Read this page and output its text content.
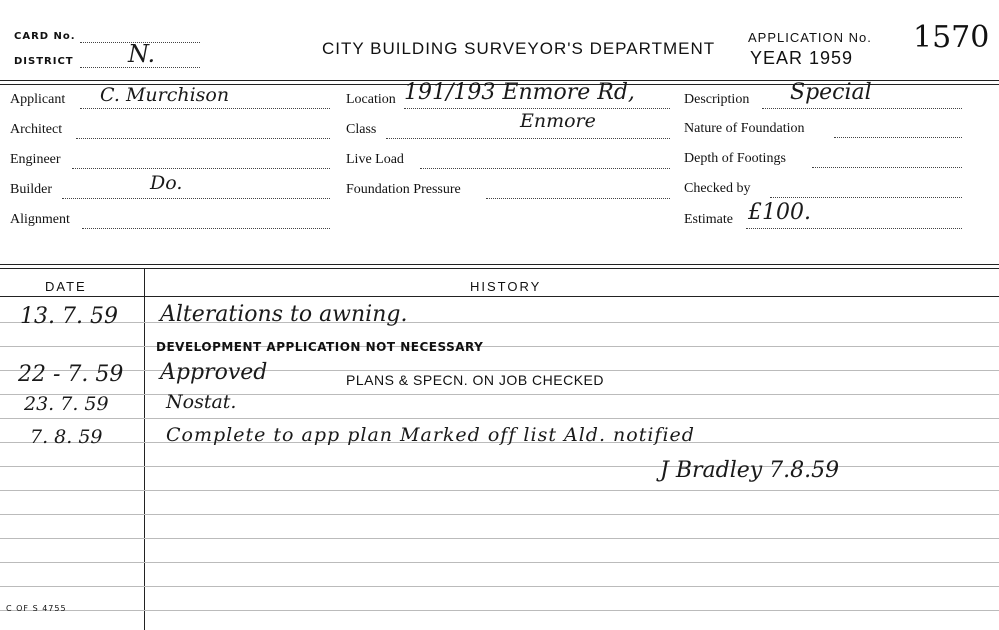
CARD No.
DISTRICT N.	CITY BUILDING SURVEYOR'S DEPARTMENT
APPLICATION No.
YEAR 1959
1570
Applicant C. Murchison
Architect
Engineer
Builder	Do.
Alignment
Location 191/193 Enmore Rd,
Enmore
Class
Live Load
Foundation Pressure
Description Special
Nature of Foundation
Depth of Footings
Checked by
Estimate £100.
DATE	HISTORY
13. 7. 59 Alterations to awning.
DEVELOPMENT APPLICATION NOT NECESSARY
22 - 7. 59 Approved	PLANS & SPECN. ON JOB CHECKED
23. 7. 59	Nostat.
7. 8. 59	Complete to app plan Marked off list Ald. notified
J Bradley 7.8.59
C OF S 4755
